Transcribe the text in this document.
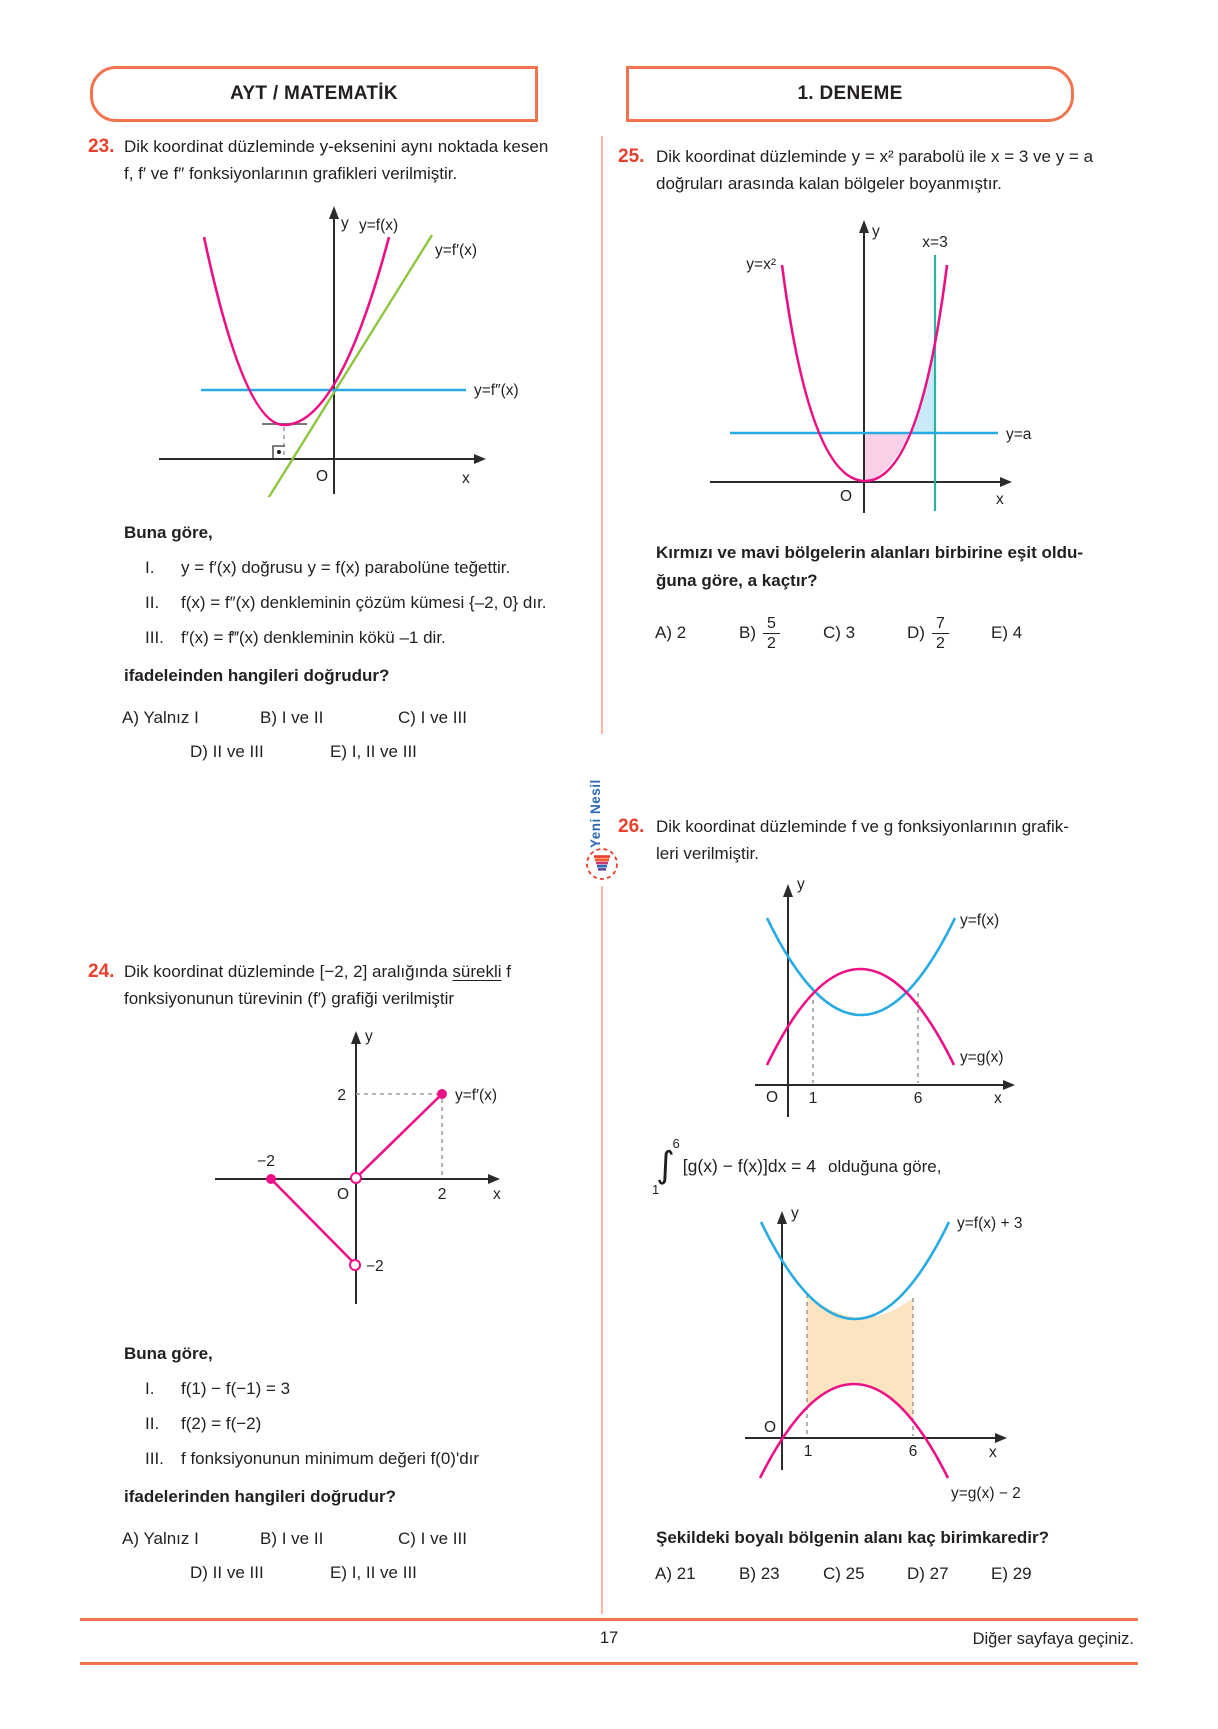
AYT / MATEMATİK	1. DENEME
Yeni Nesil
23. Dik koordinat düzleminde y-eksenini aynı noktada kesen
f, f′ ve f″ fonksiyonlarının grafikleri verilmiştir.
y y=f(x)
y=f′(x)
y=f″(x)
O	x
Buna göre,
I.	y = f′(x) doğrusu y = f(x) parabolüne teğettir.
II.	f(x) = f″(x) denkleminin çözüm kümesi {–2, 0} dır.
III.	f′(x) = f‴(x) denkleminin kökü –1 dir.
ifadeleinden hangileri doğrudur?
A) Yalnız I	B) I ve II	C) I ve III
D) II ve III	E) I, II ve III
24. Dik koordinat düzleminde [−2, 2] aralığında sürekli f
fonksiyonunun türevinin (f′) grafiği verilmiştir
2
−2
O	2
−2
x
y
y=f′(x)
Buna göre,
I.	f(1) − f(−1) = 3
II.	f(2) = f(−2)
III.	f fonksiyonunun minimum değeri f(0)'dır
ifadelerinden hangileri doğrudur?
A) Yalnız I	B) I ve II	C) I ve III
D) II ve III	E) I, II ve III
25. Dik koordinat düzleminde y = x² parabolü ile x = 3 ve y = a
doğruları arasında kalan bölgeler boyanmıştır.
y=x²
x=3
y=a
y
O	x
Kırmızı ve mavi bölgelerin alanları birbirine eşit oldu-
ğuna göre, a kaçtır?
A) 2	$B) \frac{5}{2}$	C) 3	$D) \frac{7}{2} E$) 4
26. Dik koordinat düzleminde f ve g fonksiyonlarının grafik-
leri verilmiştir.
O 1	6	x
y
y=f(x)
y=g(x)
6
∫
1
[g(x) − f(x)]dx = 4 olduğuna göre,
O
1	6	x
y
y=f(x) + 3
y=g(x) − 2
Şekildeki boyalı bölgenin alanı kaç birimkaredir?
A) 21	B) 23	C) 25	D) 27	E) 29
17	Diğer sayfaya geçiniz.
